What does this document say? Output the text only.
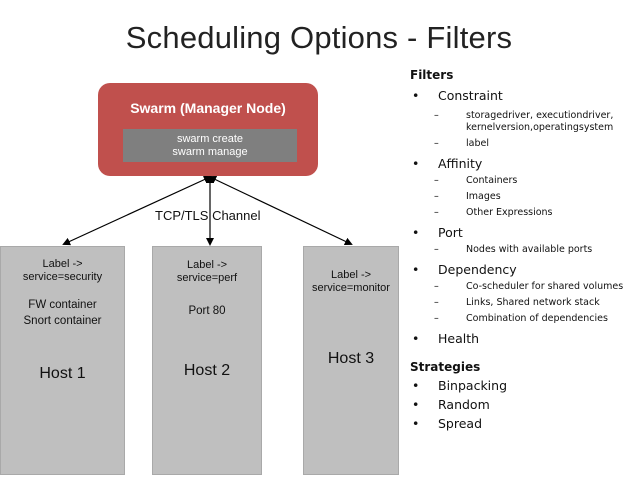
Scheduling Options - Filters
Swarm (Manager Node)
swarm create
swarm manage
TCP/TLS Channel
Label ->
service=security
FW container
Snort container
Host 1
Label ->
service=perf
Port 80
Host 2
Label ->
service=monitor
Host 3
Filters
• Constraint
–	storagedriver, executiondriver,
kernelversion,operatingsystem
–	label
• Affinity
–	Containers
–	Images
–	Other Expressions
• Port
–	Nodes with available ports
• Dependency
–	Co-scheduler for shared volumes
–	Links, Shared network stack
–	Combination of dependencies
• Health
Strategies
• Binpacking
• Random
• Spread
